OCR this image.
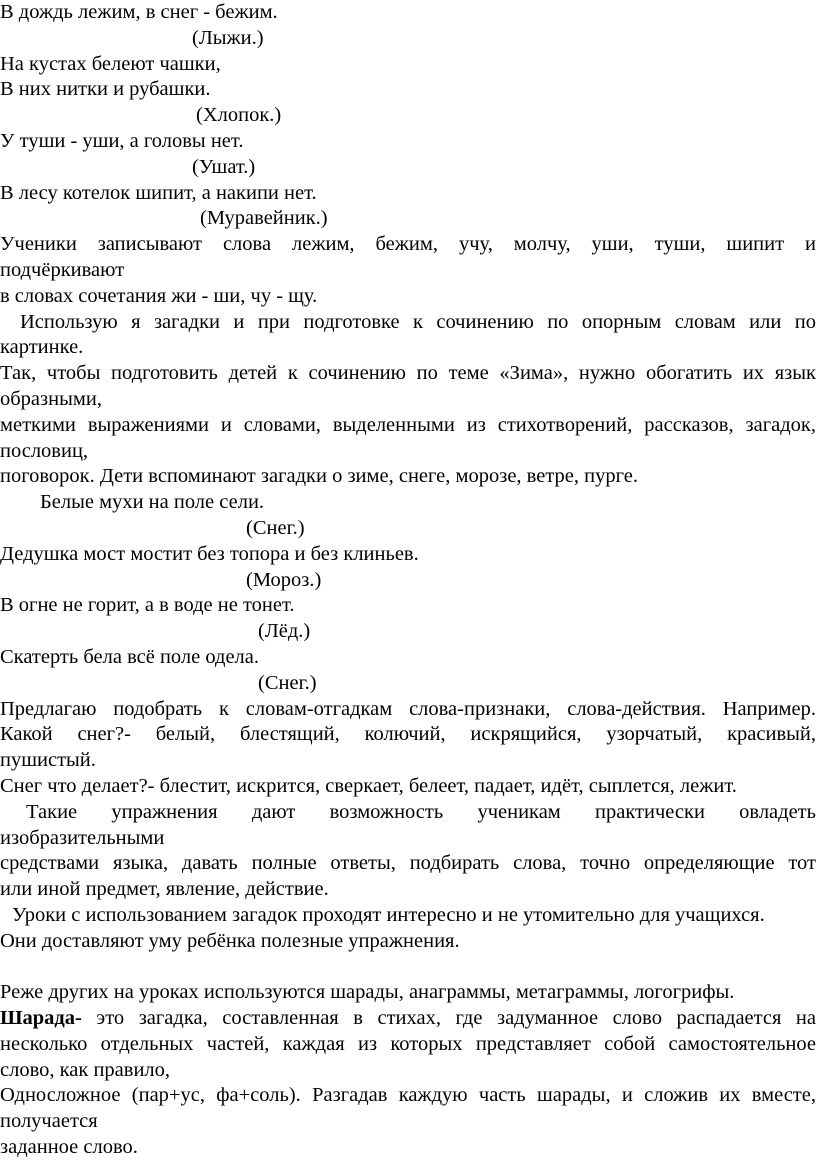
В дождь лежим, в снег - бежим.
(Лыжи.)
На кустах белеют чашки,
В них нитки и рубашки.
(Хлопок.)
У туши - уши, а головы нет.
(Ушат.)
В лесу котелок шипит, а накипи нет.
(Муравейник.)
Ученики записывают слова лежим, бежим, учу, молчу, уши, туши, шипит и
подчёркивают
в словах сочетания жи - ши, чу - щу.
Использую я загадки и при подготовке к сочинению по опорным словам или по
картинке.
Так, чтобы подготовить детей к сочинению по теме «Зима», нужно обогатить их язык
образными,
меткими выражениями и словами, выделенными из стихотворений, рассказов, загадок,
пословиц,
поговорок. Дети вспоминают загадки о зиме, снеге, морозе, ветре, пурге.
Белые мухи на поле сели.
(Снег.)
Дедушка мост мостит без топора и без клиньев.
(Мороз.)
В огне не горит, а в воде не тонет.
(Лёд.)
Скатерть бела всё поле одела.
(Снег.)
Предлагаю подобрать к словам-отгадкам слова-признаки, слова-действия. Например.
Какой снег?- белый, блестящий, колючий, искрящийся, узорчатый, красивый,
пушистый.
Снег что делает?- блестит, искрится, сверкает, белеет, падает, идёт, сыплется, лежит.
Такие упражнения дают возможность ученикам практически овладеть
изобразительными
средствами языка, давать полные ответы, подбирать слова, точно определяющие тот
или иной предмет, явление, действие.
Уроки с использованием загадок проходят интересно и не утомительно для учащихся.
Они доставляют уму ребёнка полезные упражнения.
Реже других на уроках используются шарады, анаграммы, метаграммы, логогрифы.
Шарада- это загадка, составленная в стихах, где задуманное слово распадается на
несколько отдельных частей, каждая из которых представляет собой самостоятельное
слово, как правило,
Односложное (пар+ус, фа+соль). Разгадав каждую часть шарады, и сложив их вместе,
получается
заданное слово.
